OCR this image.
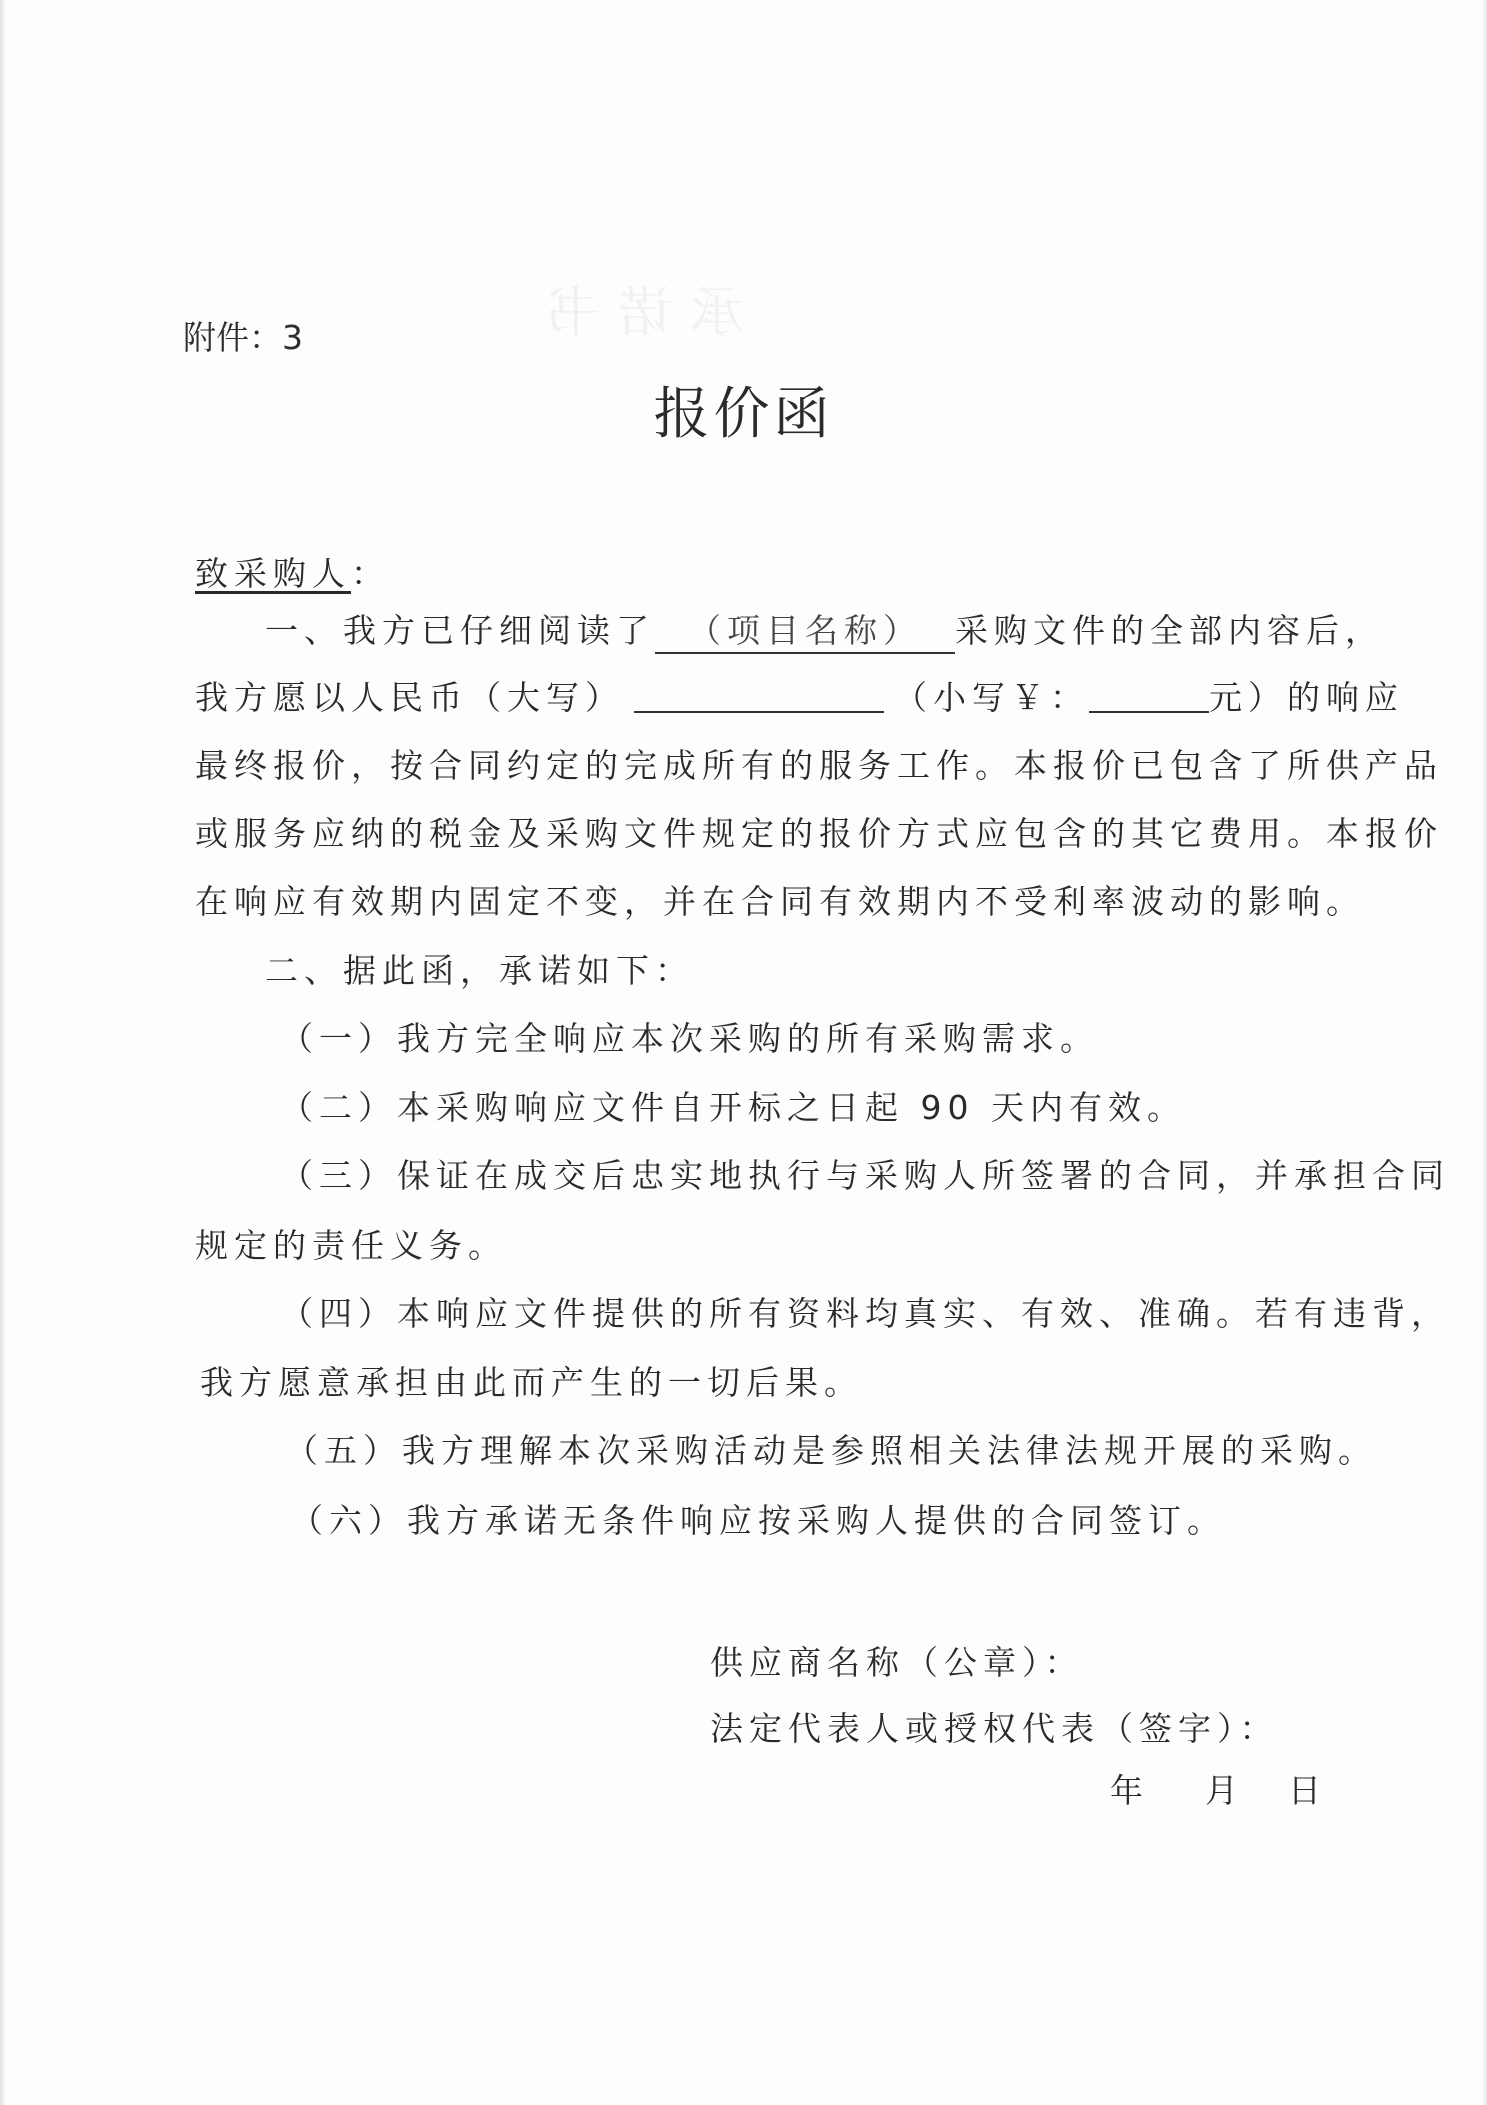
承诺书
附件：3
报价函
致采购人：
一、我方已仔细阅读了 （项目名称） 采购文件的全部内容后，
我方愿以人民币（大写）	（小写￥：	元）的响应
最终报价，按合同约定的完成所有的服务工作。本报价已包含了所供产品
或服务应纳的税金及采购文件规定的报价方式应包含的其它费用。本报价
在响应有效期内固定不变，并在合同有效期内不受利率波动的影响。
二、据此函，承诺如下：
（一）我方完全响应本次采购的所有采购需求。
（二）本采购响应文件自开标之日起 90 天内有效。
（三）保证在成交后忠实地执行与采购人所签署的合同，并承担合同
规定的责任义务。
（四）本响应文件提供的所有资料均真实、有效、准确。若有违背，
我方愿意承担由此而产生的一切后果。
（五）我方理解本次采购活动是参照相关法律法规开展的采购。
（六）我方承诺无条件响应按采购人提供的合同签订。
供应商名称（公章）：
法定代表人或授权代表（签字）：
年 月 日
